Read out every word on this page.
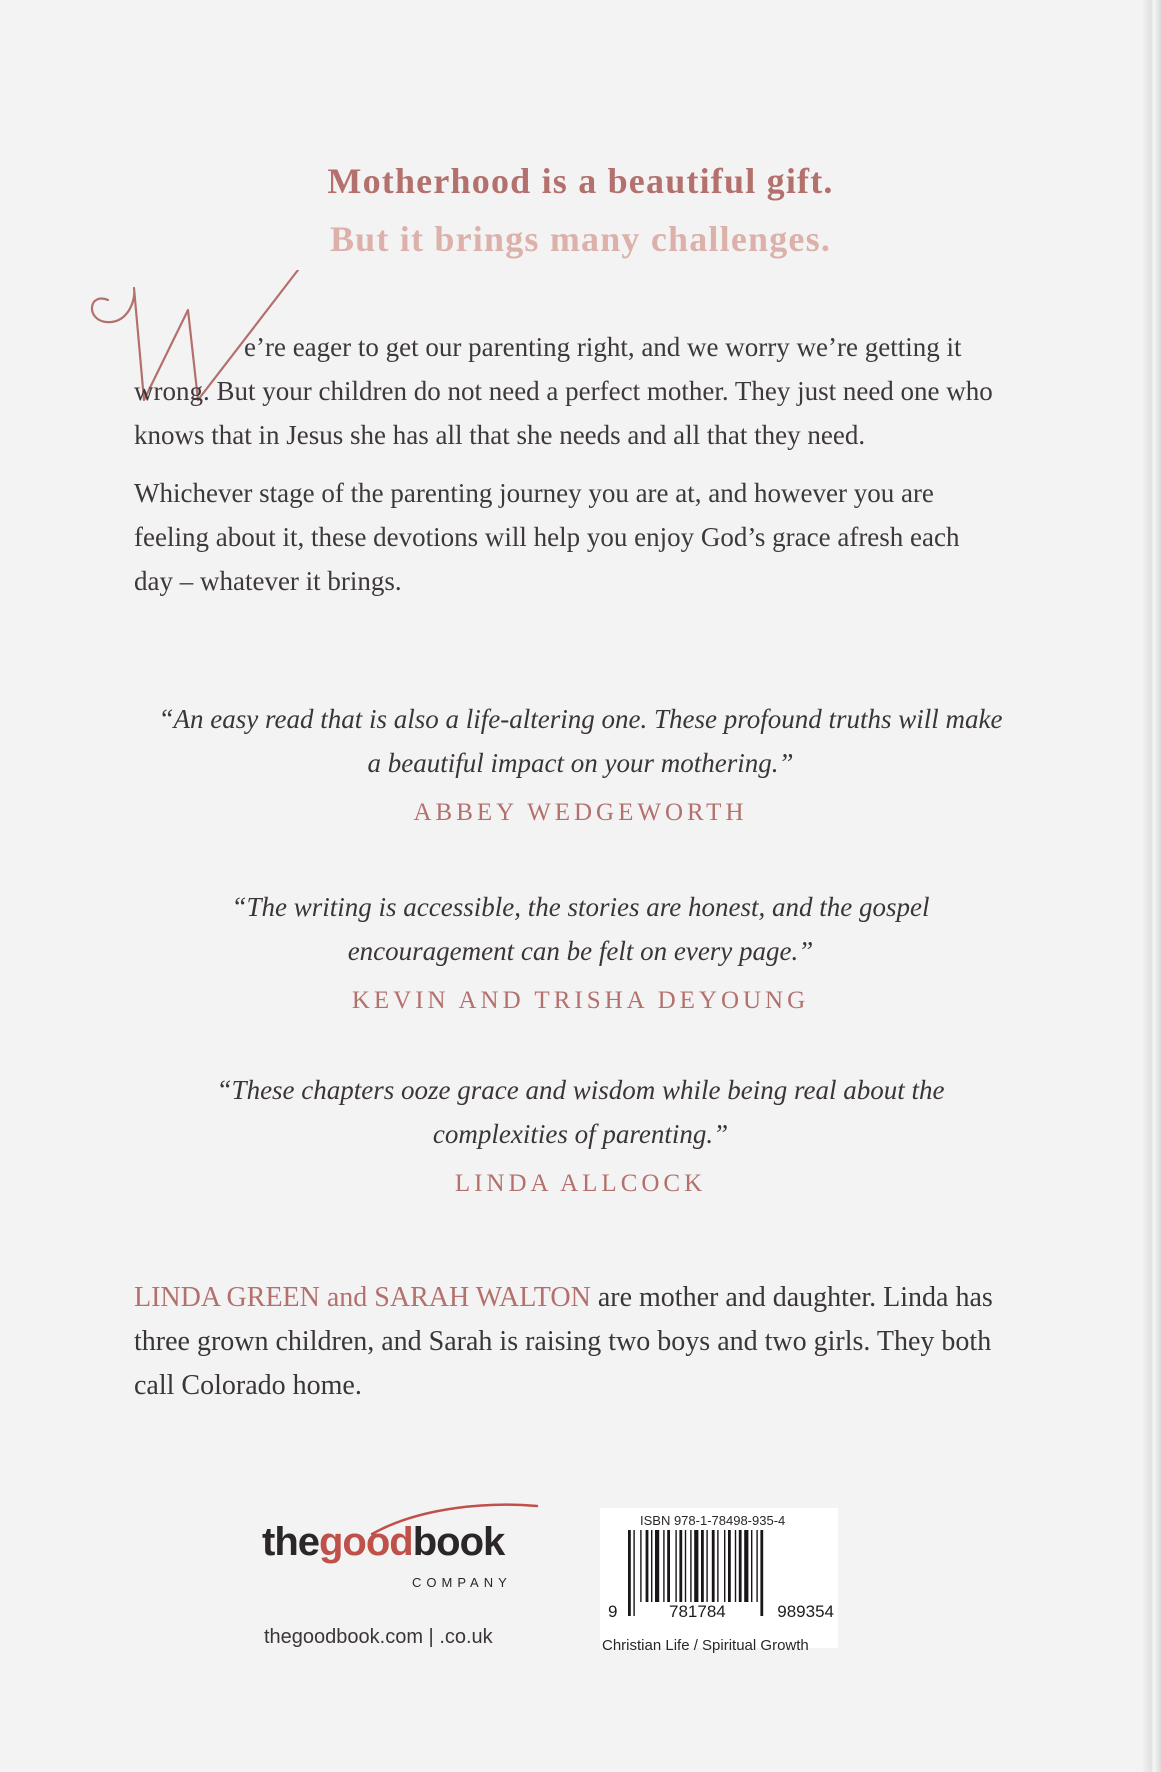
Motherhood is a beautiful gift.
But it brings many challenges.

e’re eager to get our parenting right, and we worry we’re getting it wrong. But your children do not need a perfect mother. They just need one who knows that in Jesus she has all that she needs and all that they need.

Whichever stage of the parenting journey you are at, and however you are feeling about it, these devotions will help you enjoy God’s grace afresh each day – whatever it brings.

“An easy read that is also a life-altering one. These profound truths will make a beautiful impact on your mothering.”
ABBEY WEDGEWORTH
“The writing is accessible, the stories are honest, and the gospel encouragement can be felt on every page.”
KEVIN AND TRISHA DEYOUNG
“These chapters ooze grace and wisdom while being real about the complexities of parenting.”
LINDA ALLCOCK
LINDA GREEN and SARAH WALTON are mother and daughter. Linda has three grown children, and Sarah is raising two boys and two girls. They both call Colorado home.
thegoodbook
COMPANY
thegoodbook.com | .co.uk
ISBN 978-1-78498-935-4
9	781784	989354
Christian Life / Spiritual Growth
